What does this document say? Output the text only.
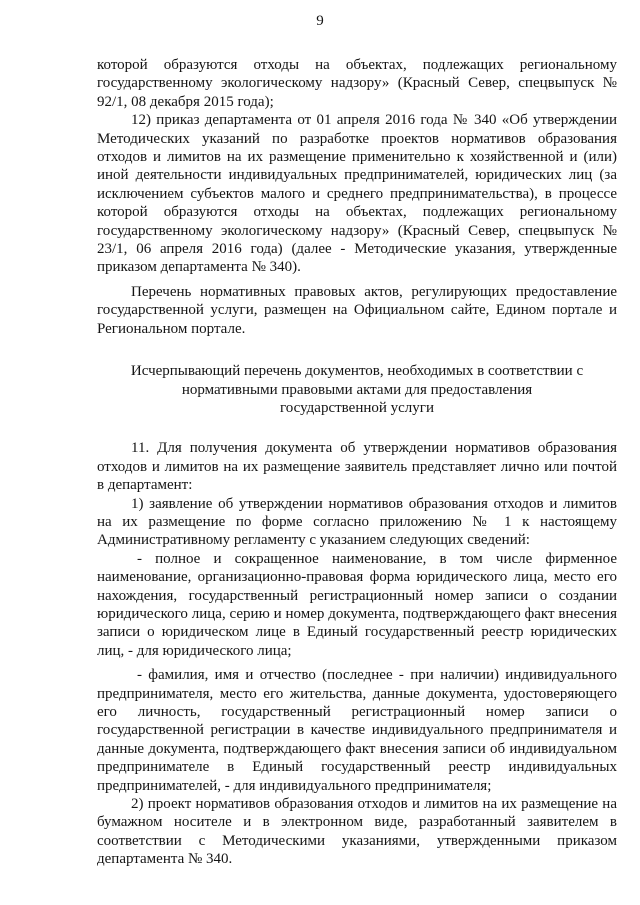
9

которой образуются отходы на объектах, подлежащих региональному государственному экологическому надзору» (Красный Север, спецвыпуск № 92/1, 08 декабря 2015 года);

12) приказ департамента от 01 апреля 2016 года № 340 «Об утверждении Методических указаний по разработке проектов нормативов образования отходов и лимитов на их размещение применительно к хозяйственной и (или) иной деятельности индивидуальных предпринимателей, юридических лиц (за исключением субъектов малого и среднего предпринимательства), в процессе которой образуются отходы на объектах, подлежащих региональному государственному экологическому надзору» (Красный Север, спецвыпуск № 23/1, 06 апреля 2016 года) (далее - Методические указания, утвержденные приказом департамента № 340).

Перечень нормативных правовых актов, регулирующих предоставление государственной услуги, размещен на Официальном сайте, Едином портале и Региональном портале.

Исчерпывающий перечень документов, необходимых в соответствии с
нормативными правовыми актами для предоставления
государственной услуги

11. Для получения документа об утверждении нормативов образования отходов и лимитов на их размещение заявитель представляет лично или почтой в департамент:

1) заявление об утверждении нормативов образования отходов и лимитов на их размещение по форме согласно приложению № 1 к настоящему Административному регламенту с указанием следующих сведений:

- полное и сокращенное наименование, в том числе фирменное наименование, организационно-правовая форма юридического лица, место его нахождения, государственный регистрационный номер записи о создании юридического лица, серию и номер документа, подтверждающего факт внесения записи о юридическом лице в Единый государственный реестр юридических лиц, - для юридического лица;

- фамилия, имя и отчество (последнее - при наличии) индивидуального предпринимателя, место его жительства, данные документа, удостоверяющего его личность, государственный регистрационный номер записи о государственной регистрации в качестве индивидуального предпринимателя и данные документа, подтверждающего факт внесения записи об индивидуальном предпринимателе в Единый государственный реестр индивидуальных предпринимателей, - для индивидуального предпринимателя;

2) проект нормативов образования отходов и лимитов на их размещение на бумажном носителе и в электронном виде, разработанный заявителем в соответствии с Методическими указаниями, утвержденными приказом департамента № 340.
